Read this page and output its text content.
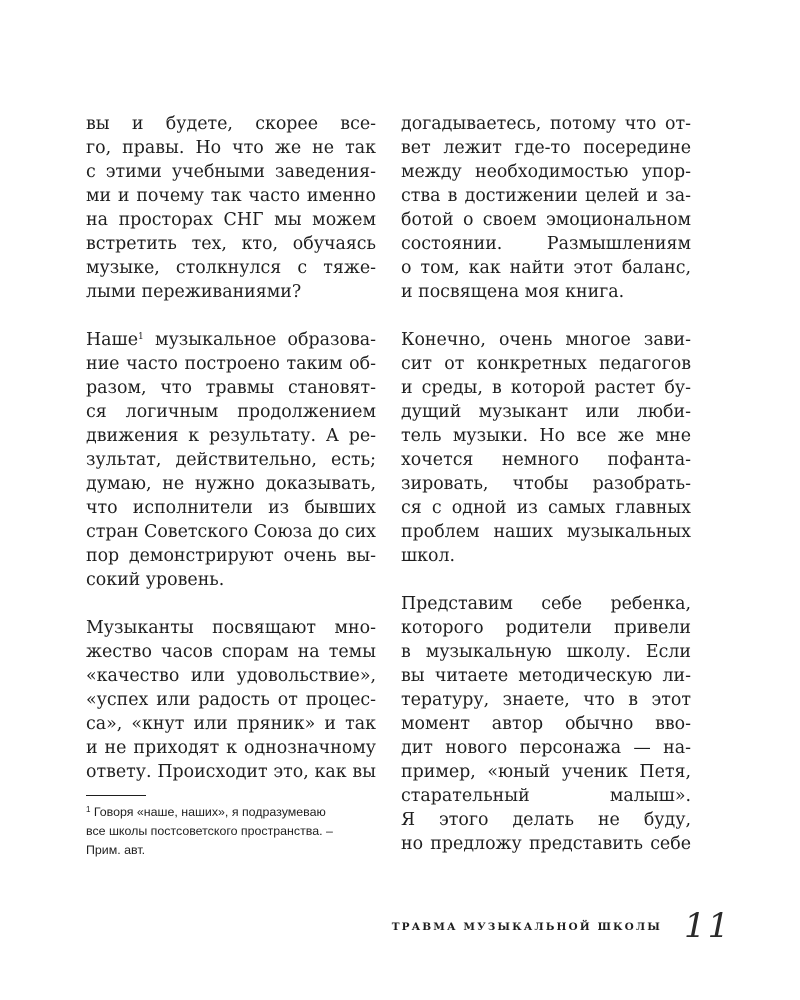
вы и будете, скорее все-
го, правы. Но что же не так
с этими учебными заведения-
ми и почему так часто именно
на просторах СНГ мы можем
встретить тех, кто, обучаясь
музыке, столкнулся с тяже-
лыми переживаниями?

Наше$^1$ музыкальное образова-
ние часто построено таким об-
разом, что травмы становят-
ся логичным продолжением
движения к результату. А ре-
зультат, действительно, есть;
думаю, не нужно доказывать,
что исполнители из бывших
стран Советского Союза до сих
пор демонстрируют очень вы-
сокий уровень.

Музыканты посвящают мно-
жество часов спорам на темы
«качество или удовольствие»,
«успех или радость от процес-
са», «кнут или пряник» и так
и не приходят к однозначному
ответу. Происходит это, как вы

догадываетесь, потому что от-
вет лежит где-то посередине
между необходимостью упор-
ства в достижении целей и за-
ботой о своем эмоциональном
состоянии. Размышлениям
о том, как найти этот баланс,
и посвящена моя книга.

Конечно, очень многое зави-
сит от конкретных педагогов
и среды, в которой растет бу-
дущий музыкант или люби-
тель музыки. Но все же мне
хочется немного пофанта-
зировать, чтобы разобрать-
ся с одной из самых главных
проблем наших музыкальных
школ.

Представим себе ребенка,
которого родители привели
в музыкальную школу. Если
вы читаете методическую ли-
тературу, знаете, что в этот
момент автор обычно вво-
дит нового персонажа — на-
пример, «юный ученик Петя,
старательный малыш».
Я этого делать не буду,
но предложу представить себе

$^1$ Говоря «наше, наших», я подразумеваю
все школы постсоветского пространства. –
Прим. авт.
ТРАВМА МУЗЫКАЛЬНОЙ ШКОЛЫ 11
